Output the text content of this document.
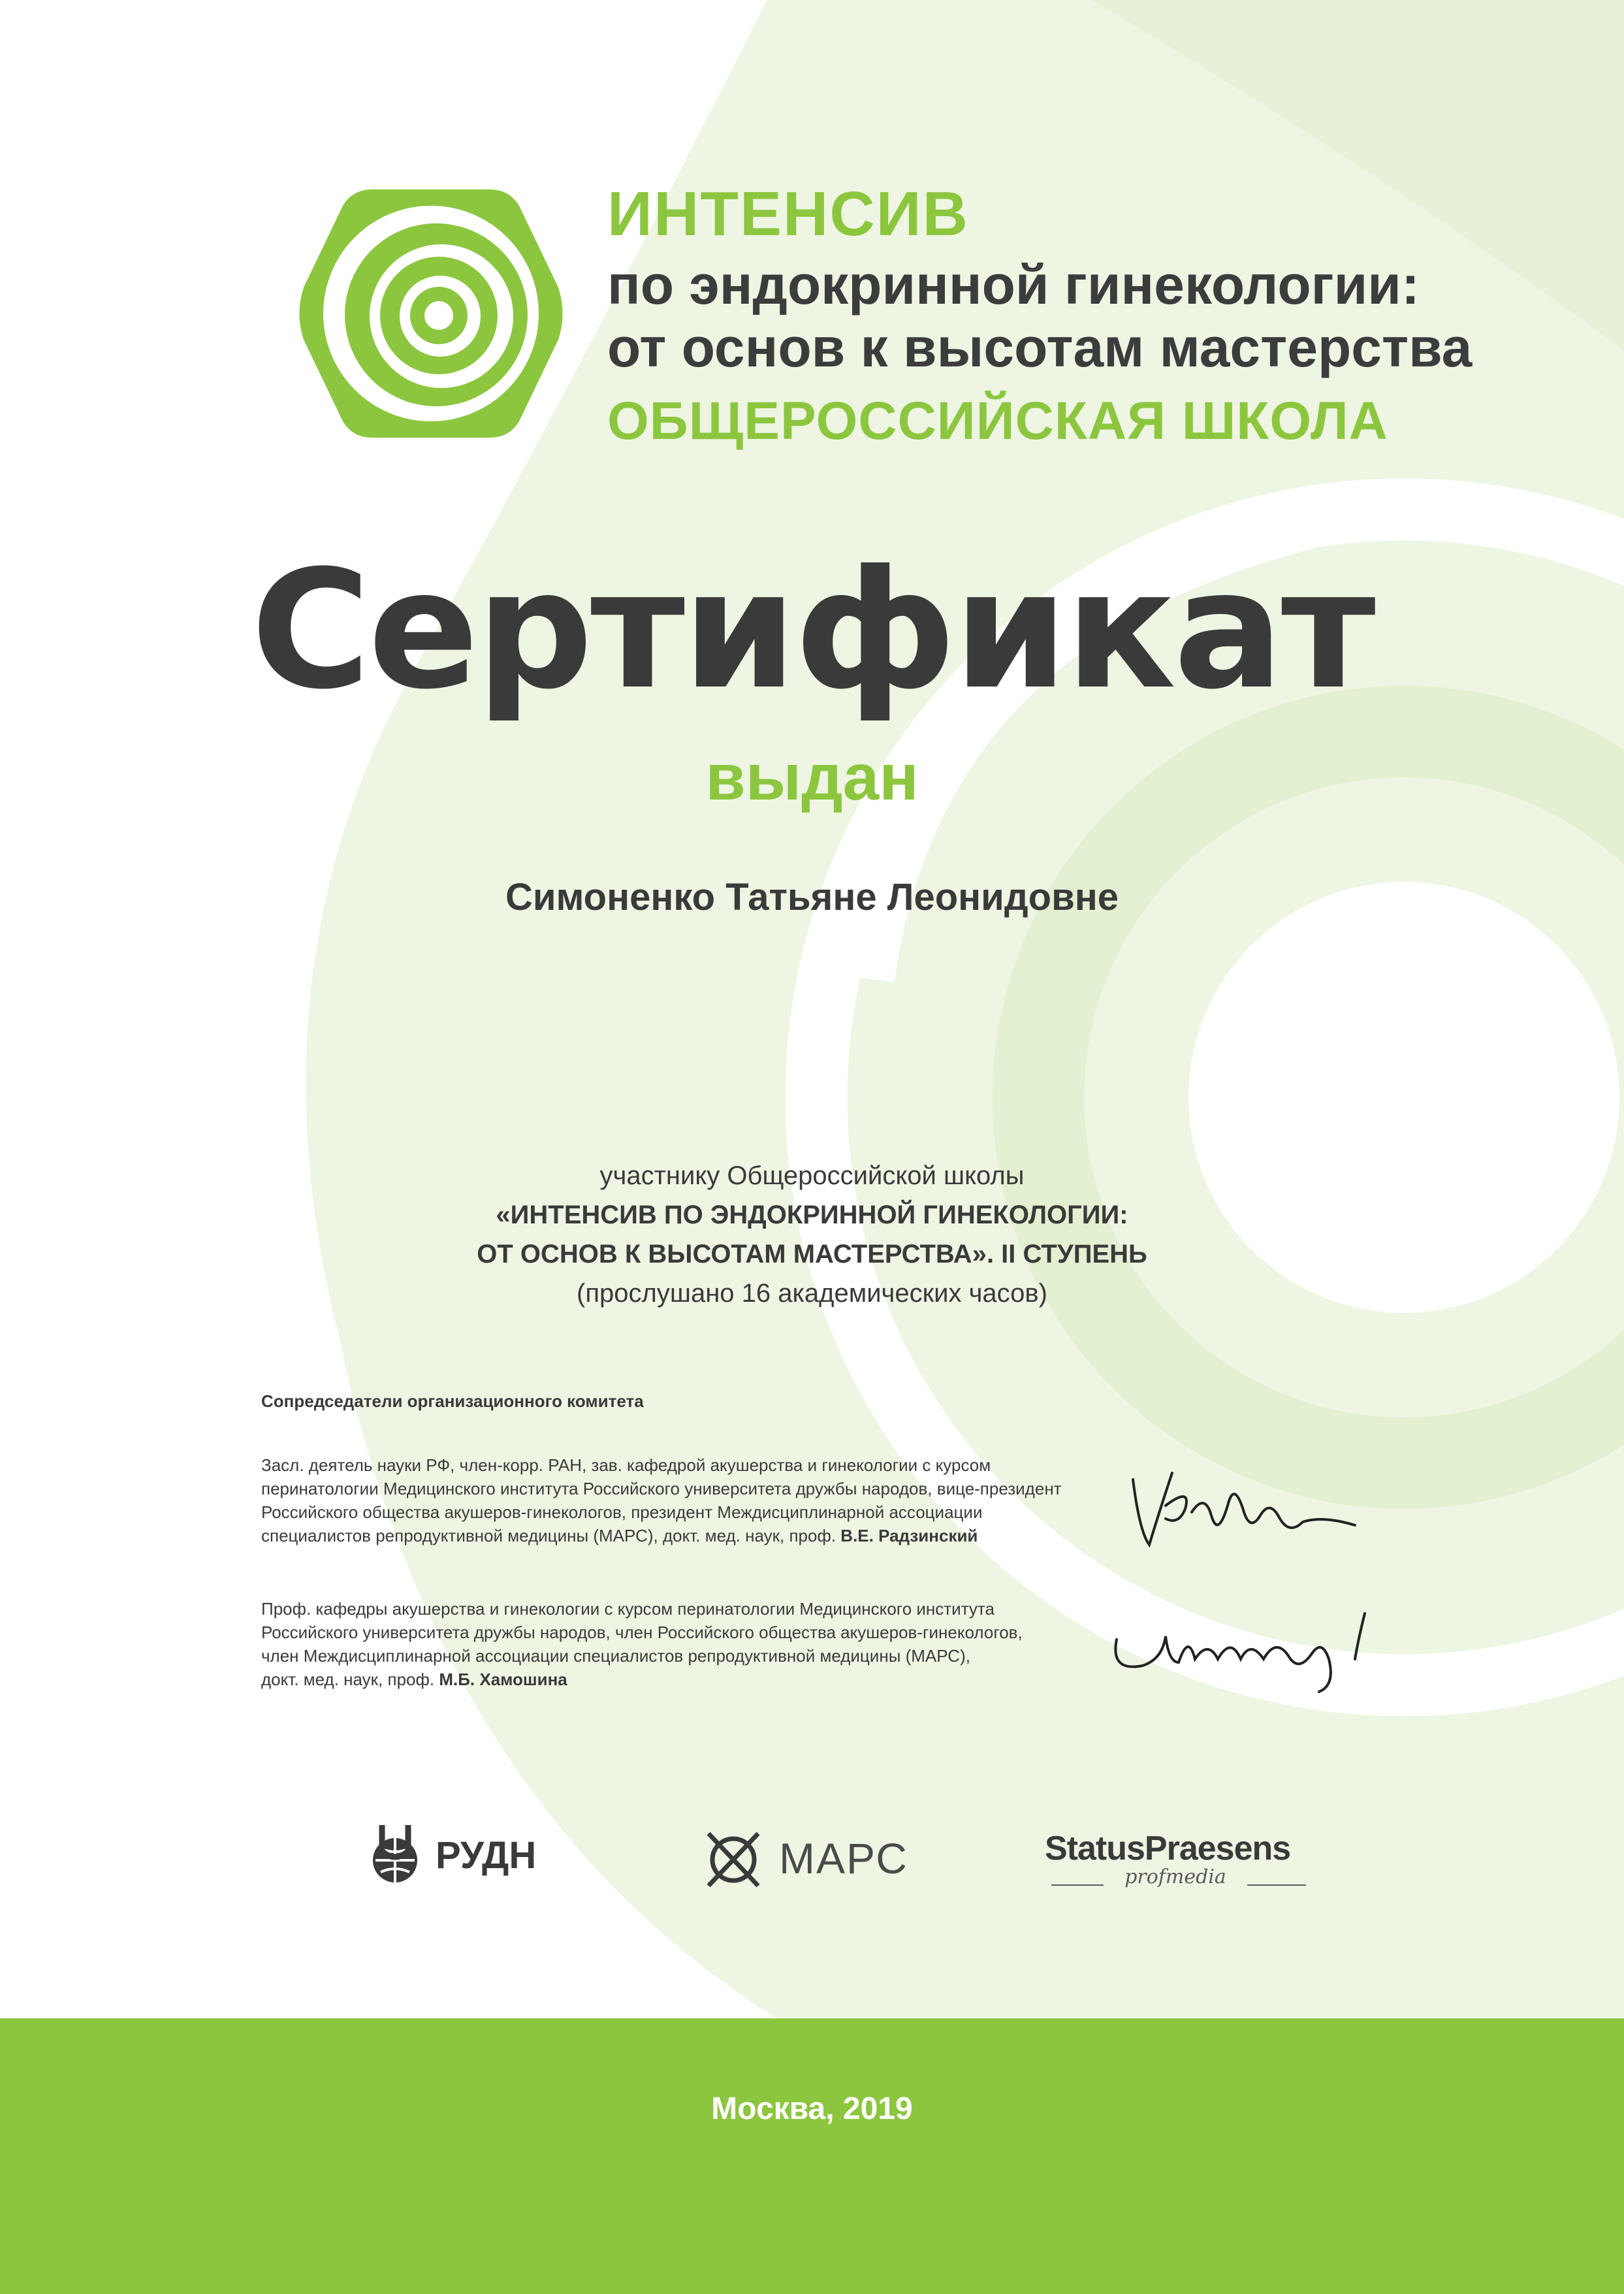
ИНТЕНСИВ
по эндокринной гинекологии:
от основ к высотам мастерства
ОБЩЕРОССИЙСКАЯ ШКОЛА
Сертификат
выдан
Симоненко Татьяне Леонидовне
участнику Общероссийской школы
«ИНТЕНСИВ ПО ЭНДОКРИННОЙ ГИНЕКОЛОГИИ:
ОТ ОСНОВ К ВЫСОТАМ МАСТЕРСТВА». II СТУПЕНЬ
(прослушано 16 академических часов)
Сопредседатели организационного комитета
Засл. деятель науки РФ, член-корр. РАН, зав. кафедрой акушерства и гинекологии с курсом
перинатологии Медицинского института Российского университета дружбы народов, вице-президент
Российского общества акушеров-гинекологов, президент Междисциплинарной ассоциации
специалистов репродуктивной медицины (МАРС), докт. мед. наук, проф. В.Е. Радзинский
Проф. кафедры акушерства и гинекологии с курсом перинатологии Медицинского института
Российского университета дружбы народов, член Российского общества акушеров-гинекологов,
член Междисциплинарной ассоциации специалистов репродуктивной медицины (МАРС),
докт. мед. наук, проф. М.Б. Хамошина
РУДН	МАРС	StatusPraesens
profmedia
Москва, 2019
